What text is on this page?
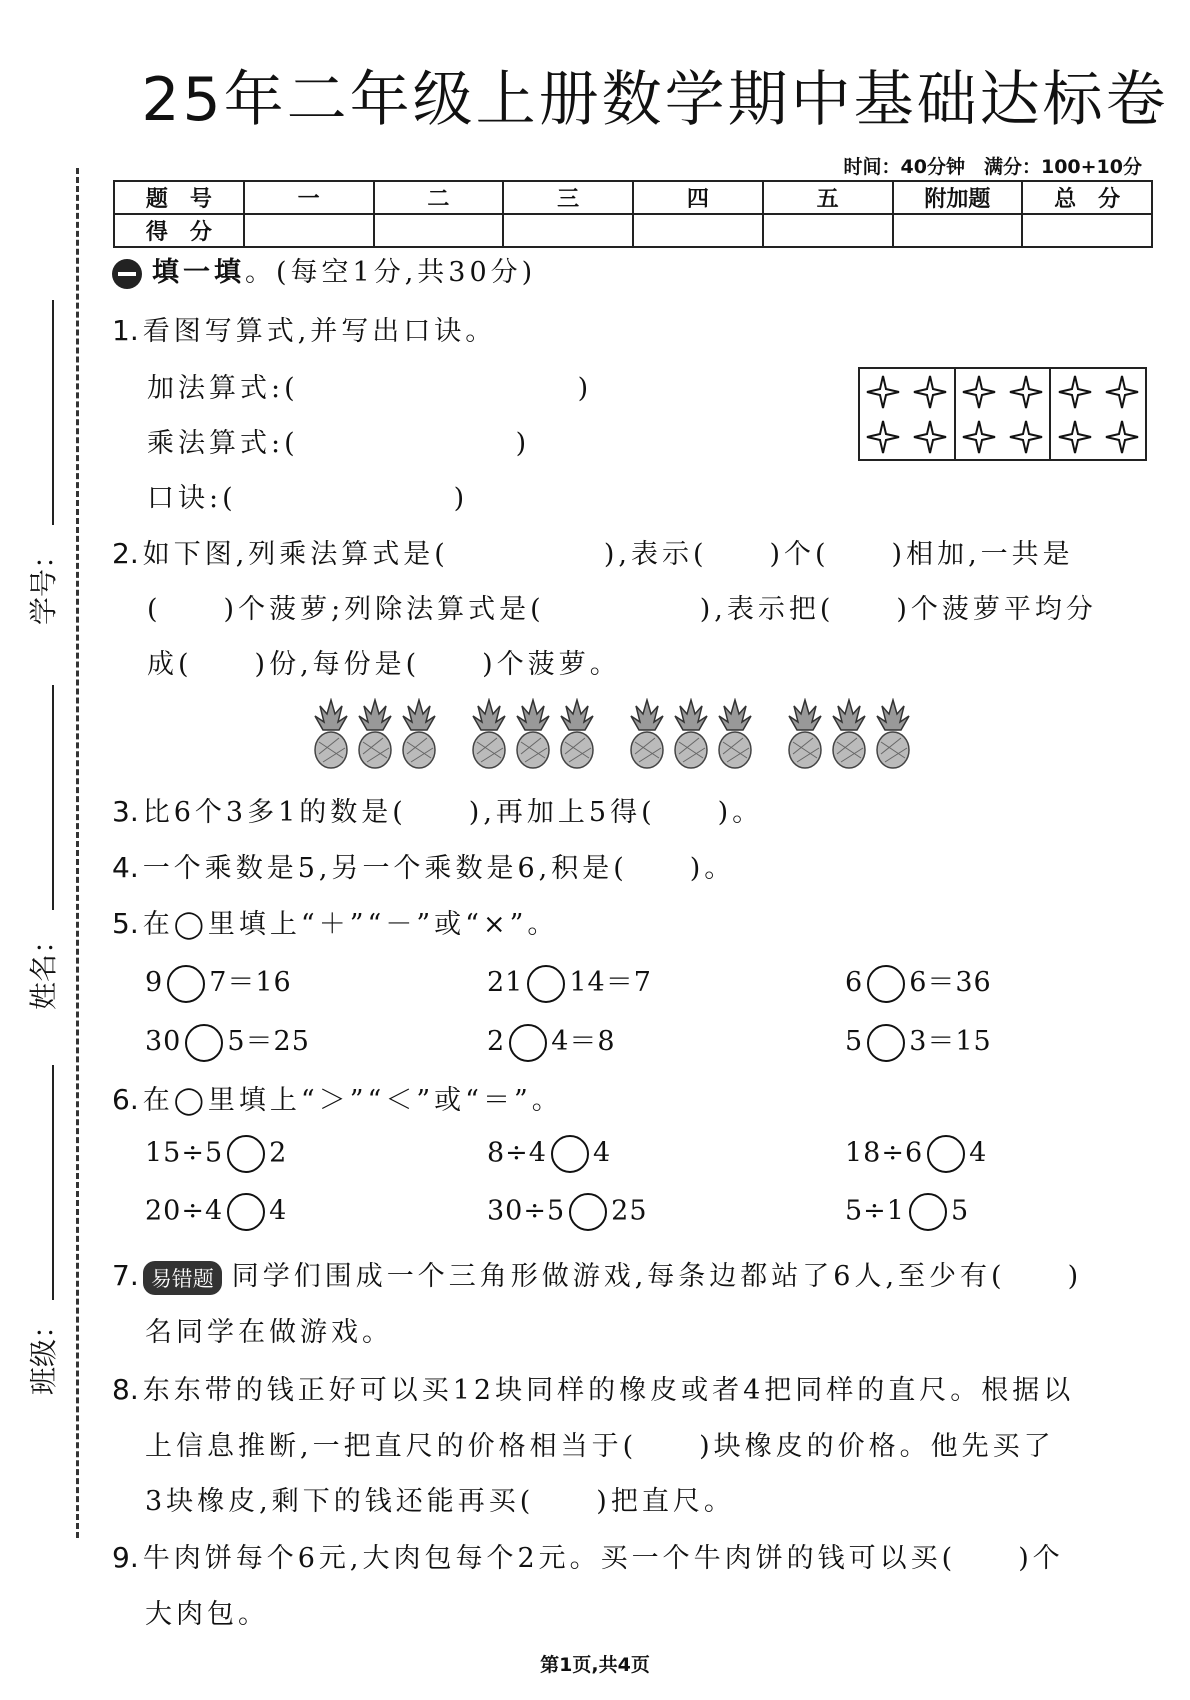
25年二年级上册数学期中基础达标卷
时间：40分钟　满分：100+10分
题　号	一	二	三	四	五	附加题	总　分
得　分							
学号：
姓名：
班级：
填一填。(每空1分,共30分)
1. 看图写算式,并写出口诀。
加法算式:(　　　　　　　　　)
乘法算式:(　　　　　　　)
口诀:(　　　　　　　)
2. 如下图,列乘法算式是(　　　　　),表示(　　)个(　　)相加,一共是
(　　)个菠萝;列除法算式是(　　　　　),表示把(　　)个菠萝平均分
成(　　)份,每份是(　　)个菠萝。
3. 比6个3多1的数是(　　),再加上5得(　　)。
4. 一个乘数是5,另一个乘数是6,积是(　　)。
5. 在◯里填上“＋”“－”或“×”。
9 7＝16	21 14＝7	6 6＝36
30 5＝25	2 4＝8	5 3＝15
6. 在◯里填上“＞”“＜”或“＝”。
15÷5 2	8÷4 4	18÷6 4
20÷4 4	30÷5 25	5÷1 5
7. 易错题 同学们围成一个三角形做游戏,每条边都站了6人,至少有(　　)
名同学在做游戏。
8. 东东带的钱正好可以买12块同样的橡皮或者4把同样的直尺。根据以
上信息推断,一把直尺的价格相当于(　　)块橡皮的价格。他先买了
3块橡皮,剩下的钱还能再买(　　)把直尺。
9. 牛肉饼每个6元,大肉包每个2元。买一个牛肉饼的钱可以买(　　)个
大肉包。
第1页,共4页
